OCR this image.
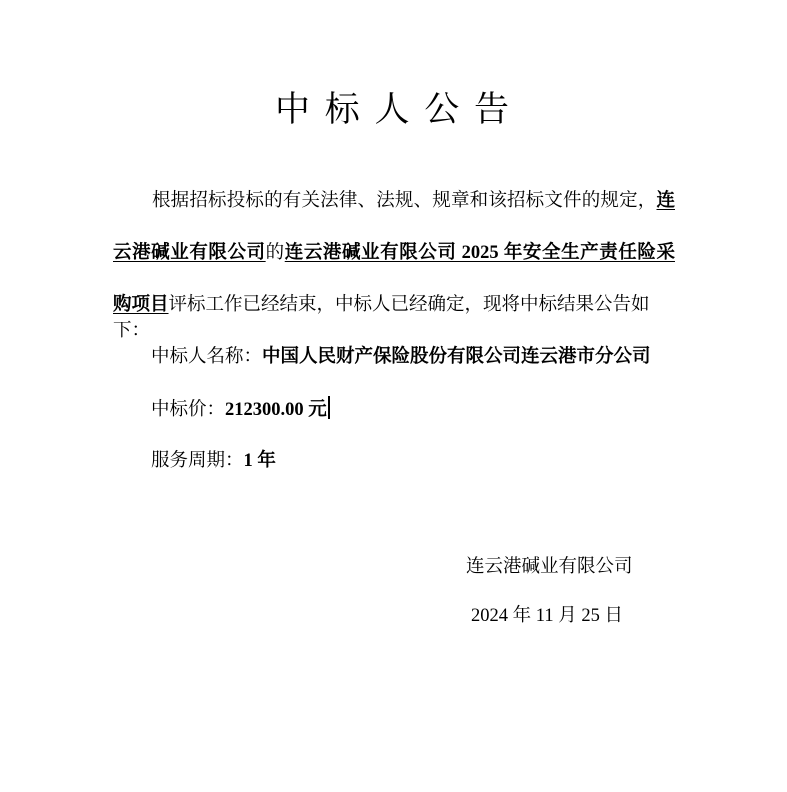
中 标 人 公 告
根据招标投标的有关法律、法规、规章和该招标文件的规定，连
云港碱业有限公司的连云港碱业有限公司 2025 年安全生产责任险采
购项目评标工作已经结束，中标人已经确定，现将中标结果公告如下：
中标人名称：中国人民财产保险股份有限公司连云港市分公司
中标价：212300.00 元
服务周期：1 年
连云港碱业有限公司
2024 年 11 月 25 日
